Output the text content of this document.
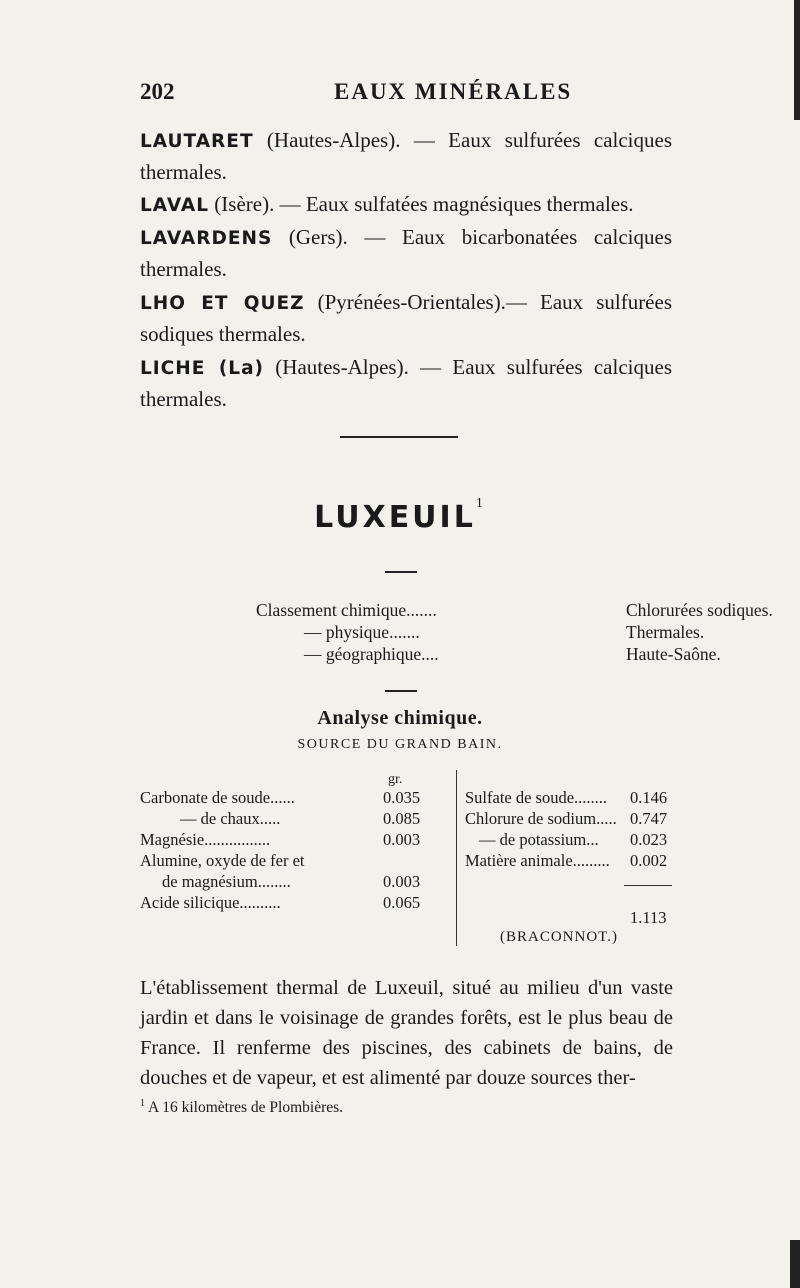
202	EAUX MINÉRALES
LAUTARET (Hautes-Alpes). — Eaux sulfurées calciques thermales.
LAVAL (Isère). — Eaux sulfatées magnésiques thermales.
LAVARDENS (Gers). — Eaux bicarbonatées calciques thermales.
LHO ET QUEZ (Pyrénées-Orientales).— Eaux sulfurées sodiques thermales.
LICHE (La) (Hautes-Alpes). — Eaux sulfurées calciques thermales.
LUXEUIL$^1$
Classement chimique.......	Chlorurées sodiques.
— physique.......	Thermales.
— géographique....	Haute-Saône.
Analyse chimique.
SOURCE DU GRAND BAIN.
gr.
Carbonate de soude......	0.035
— de chaux.....	0.085
Magnésie................	0.003
Alumine, oxyde de fer et
de magnésium........	0.003
Acide silicique..........	0.065
Sulfate de soude........ 0.146
Chlorure de sodium..... 0.747
— de potassium... 0.023
Matière animale......... 0.002
1.113
(BRACONNOT.)
L'établissement thermal de Luxeuil, situé au milieu d'un vaste jardin et dans le voisinage de grandes forêts, est le plus beau de France. Il renferme des piscines, des cabinets de bains, de douches et de vapeur, et est alimenté par douze sources ther-
$^1$ A 16 kilomètres de Plombières.
